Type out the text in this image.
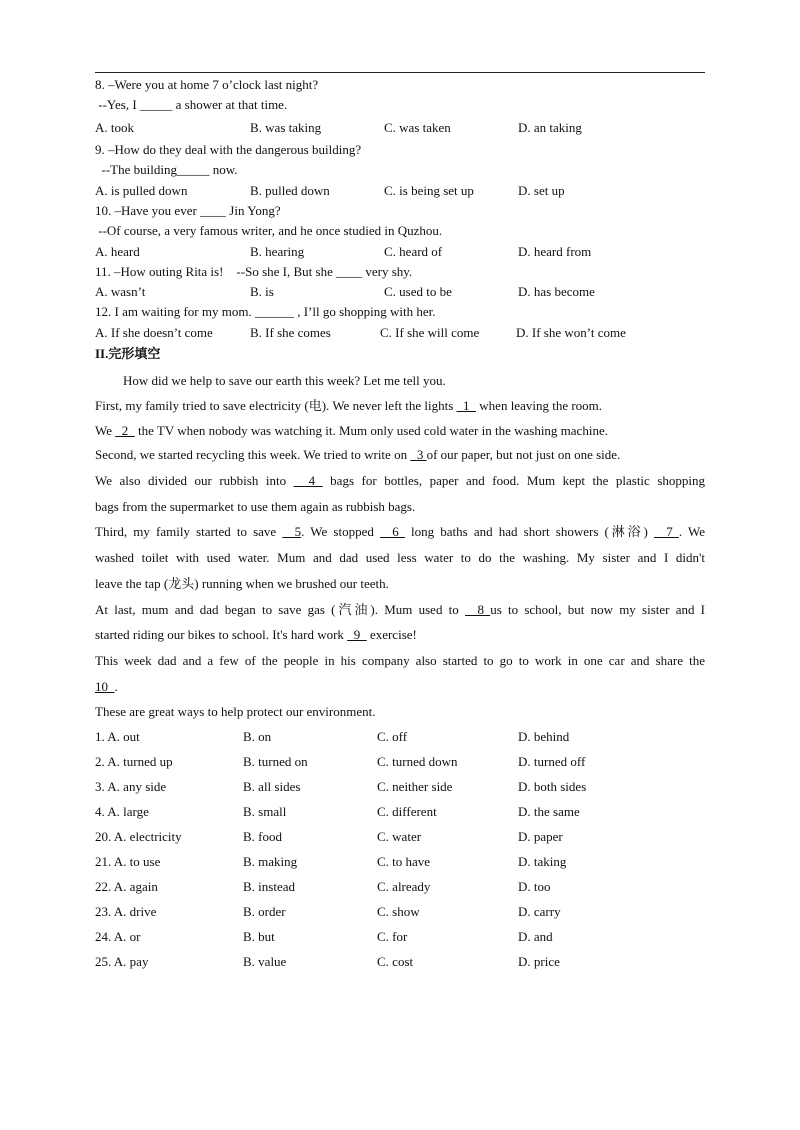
8. –Were you at home 7 o’clock last night?
--Yes, I _____ a shower at that time.
A. took	B. was taking	C. was taken	D. an taking
9. –How do they deal with the dangerous building?
--The building_____ now.
A. is pulled down	B. pulled down	C. is being set up	D. set up
10. –Have you ever ____ Jin Yong?
--Of course, a very famous writer, and he once studied in Quzhou.
A. heard	B. hearing	C. heard of	D. heard from
11. –How outing Rita is!    --So she I, But she ____ very shy.
A. wasn’t	B. is	C. used to be	D. has become
12. I am waiting for my mom. ______ , I’ll go shopping with her.
A. If she doesn’t come	B. If she comes	C. If she will come	D. If she won’t come
II.完形填空
How did we help to save our earth this week? Let me tell you.
First, my family tried to save electricity (电). We never left the lights   1   when leaving the room.
We   2   the TV when nobody was watching it. Mum only used cold water in the washing machine.
Second, we started recycling this week. We tried to write on   3 of our paper, but not just on one side.
We also divided our rubbish into   4  bags for bottles, paper and food. Mum kept the plastic shopping
bags from the supermarket to use them again as rubbish bags.
Third, my family started to save   5. We stopped   6  long baths and had short showers (淋浴)   7 . We
washed toilet with used water. Mum and dad used less water to do the washing. My sister and I didn't
leave the tap (龙头) running when we brushed our teeth.
At last, mum and dad began to save gas (汽油). Mum used to   8 us to school, but now my sister and I
started riding our bikes to school. It's hard work   9   exercise!
This week dad and a few of the people in his company also started to go to work in one car and share the
10  .
These are great ways to help protect our environment.
1. A. out	B. on	C. off	D. behind
2. A. turned up	B. turned on	C. turned down	D. turned off
3. A. any side	B. all sides	C. neither side	D. both sides
4. A. large	B. small	C. different	D. the same
20. A. electricity	B. food	C. water	D. paper
21. A. to use	B. making	C. to have	D. taking
22. A. again	B. instead	C. already	D. too
23. A. drive	B. order	C. show	D. carry
24. A. or	B. but	C. for	D. and
25. A. pay	B. value	C. cost	D. price
